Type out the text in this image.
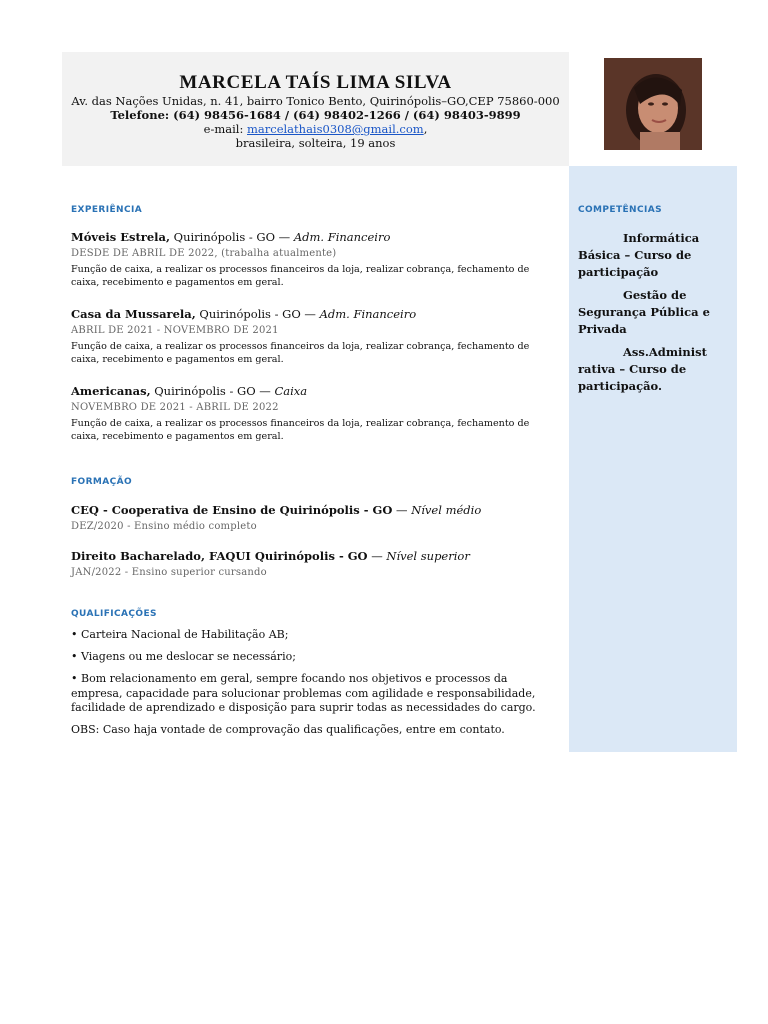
MARCELA TAÍS LIMA SILVA
Av. das Nações Unidas, n. 41, bairro Tonico Bento, Quirinópolis–GO,CEP 75860-000
Telefone: (64) 98456-1684 / (64) 98402-1266 / (64) 98403-9899
e-mail: marcelathais0308@gmail.com,
brasileira, solteira, 19 anos
EXPERIÊNCIA
Móveis Estrela, Quirinópolis - GO — Adm. Financeiro
DESDE DE ABRIL DE 2022, (trabalha atualmente)
Função de caixa, a realizar os processos financeiros da loja, realizar cobrança, fechamento de caixa, recebimento e pagamentos em geral.
Casa da Mussarela, Quirinópolis - GO — Adm. Financeiro
ABRIL DE 2021 - NOVEMBRO DE 2021
Função de caixa, a realizar os processos financeiros da loja, realizar cobrança, fechamento de caixa, recebimento e pagamentos em geral.
Americanas, Quirinópolis - GO — Caixa
NOVEMBRO DE 2021 - ABRIL DE 2022
Função de caixa, a realizar os processos financeiros da loja, realizar cobrança, fechamento de caixa, recebimento e pagamentos em geral.
FORMAÇÃO
CEQ - Cooperativa de Ensino de Quirinópolis - GO — Nível médio
DEZ/2020 - Ensino médio completo
Direito Bacharelado, FAQUI Quirinópolis - GO — Nível superior
JAN/2022 - Ensino superior cursando
QUALIFICAÇÕES
• Carteira Nacional de Habilitação AB;
• Viagens ou me deslocar se necessário;
• Bom relacionamento em geral, sempre focando nos objetivos e processos da empresa, capacidade para solucionar problemas com agilidade e responsabilidade, facilidade de aprendizado e disposição para suprir todas as necessidades do cargo.
OBS: Caso haja vontade de comprovação das qualificações, entre em contato.
COMPETÊNCIAS
Informática
Básica – Curso de participação
Gestão de
Segurança Pública e Privada
Ass.Administ
rativa – Curso de participação.
